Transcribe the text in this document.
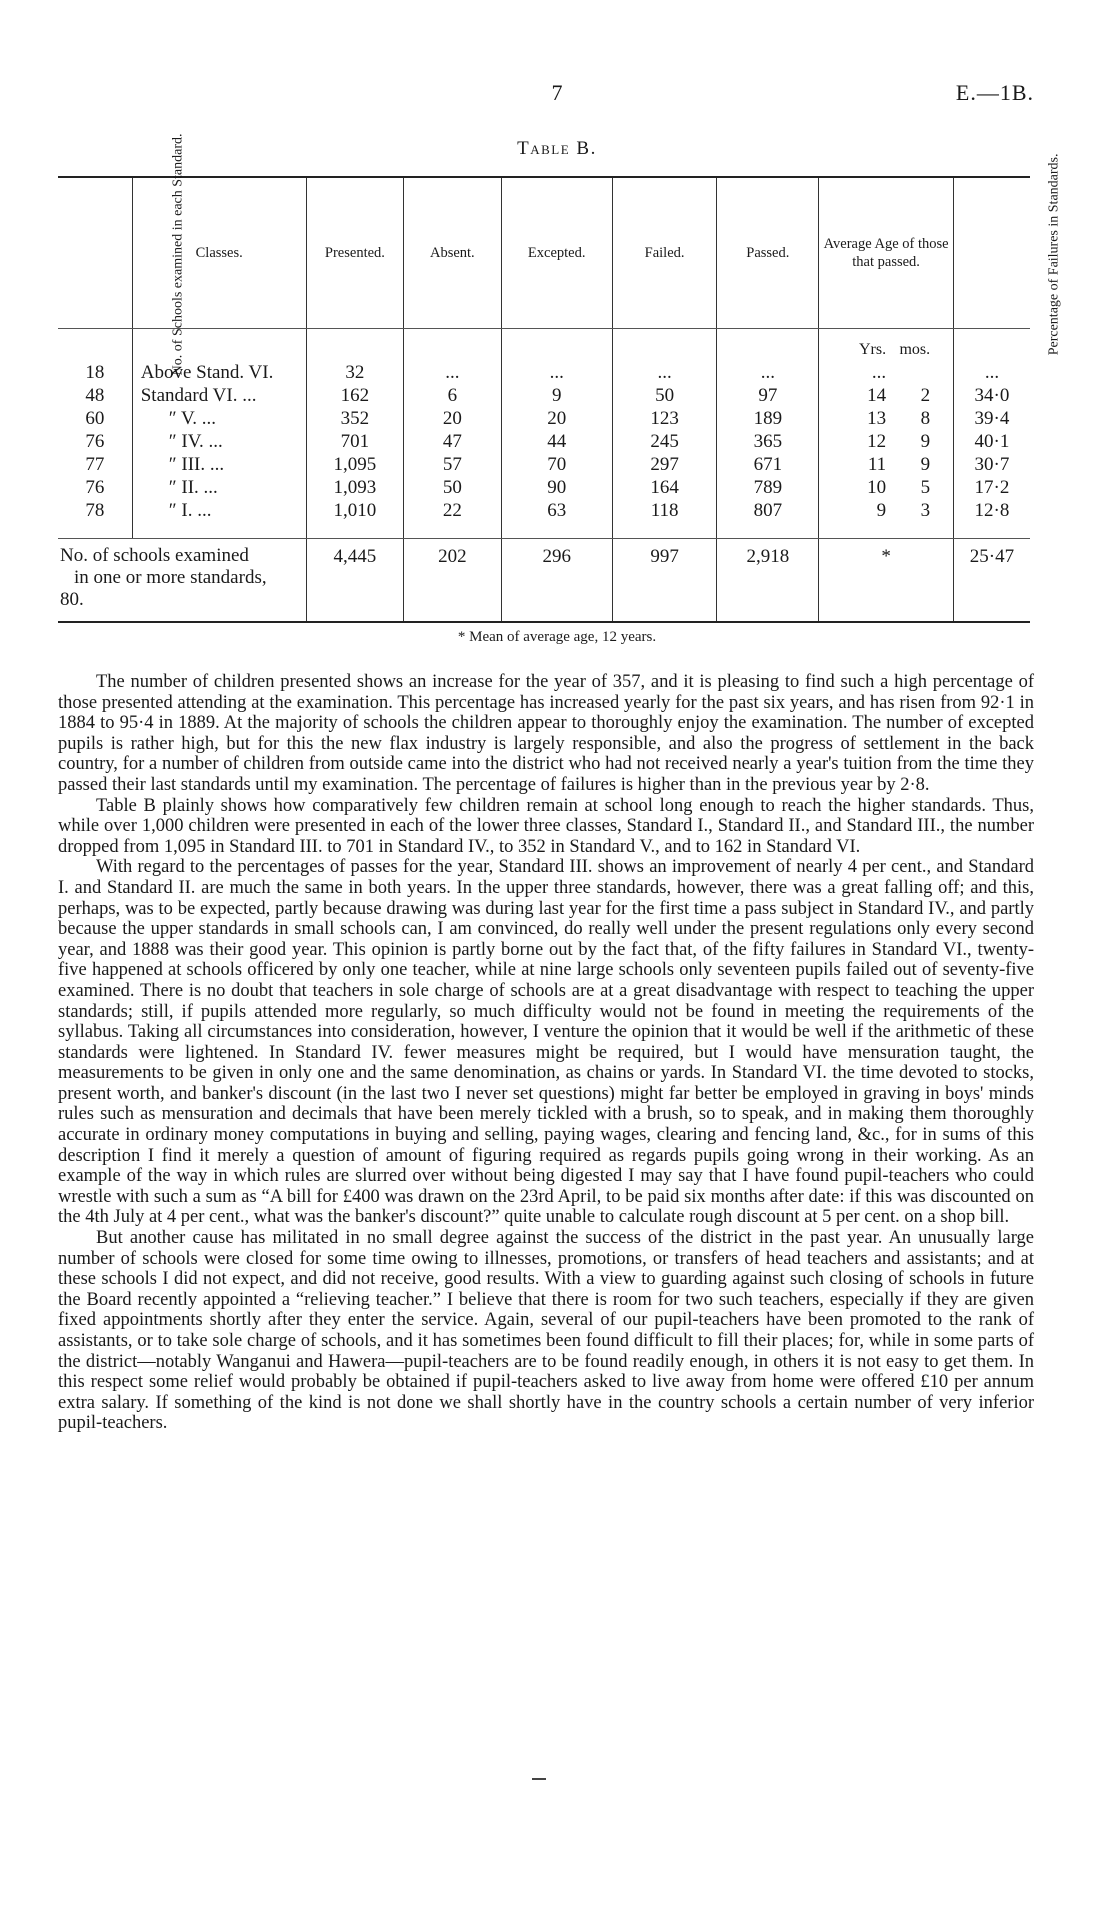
7	E.—1B.
Table B.
No. of Schools examined in each Standard.	Classes.	Presented.	Absent.	Excepted.	Failed.	Passed.	Average Age of those that passed.	Percentage of Failures in Standards.
							Yrs. mos.	
18	Above Stand. VI.	32	...	...	...	...	...	...
48	Standard VI. ...	162	6	9	50	97	14 2	34·0
60	″ V. ...	352	20	20	123	189	13 8	39·4
76	″ IV. ...	701	47	44	245	365	12 9	40·1
77	″ III. ...	1,095	57	70	297	671	11 9	30·7
76	″ II. ...	1,093	50	90	164	789	10 5	17·2
78	″ I. ...	1,010	22	63	118	807	9 3	12·8

No. of schools examined
in one or more standards,
80.		4,445	202	296	997	2,918	*	25·47
* Mean of average age, 12 years.

The number of children presented shows an increase for the year of 357, and it is pleasing to find such a high percentage of those presented attending at the examination. This percentage has increased yearly for the past six years, and has risen from 92·1 in 1884 to 95·4 in 1889. At the majority of schools the children appear to thoroughly enjoy the examination. The number of excepted pupils is rather high, but for this the new flax industry is largely responsible, and also the progress of settlement in the back country, for a number of children from outside came into the district who had not received nearly a year's tuition from the time they passed their last standards until my examination. The percentage of failures is higher than in the previous year by 2·8.

Table B plainly shows how comparatively few children remain at school long enough to reach the higher standards. Thus, while over 1,000 children were presented in each of the lower three classes, Standard I., Standard II., and Standard III., the number dropped from 1,095 in Standard III. to 701 in Standard IV., to 352 in Standard V., and to 162 in Standard VI.

With regard to the percentages of passes for the year, Standard III. shows an improvement of nearly 4 per cent., and Standard I. and Standard II. are much the same in both years. In the upper three standards, however, there was a great falling off; and this, perhaps, was to be expected, partly because drawing was during last year for the first time a pass subject in Standard IV., and partly because the upper standards in small schools can, I am convinced, do really well under the present regulations only every second year, and 1888 was their good year. This opinion is partly borne out by the fact that, of the fifty failures in Standard VI., twenty-five happened at schools officered by only one teacher, while at nine large schools only seventeen pupils failed out of seventy-five examined. There is no doubt that teachers in sole charge of schools are at a great disadvantage with respect to teaching the upper standards; still, if pupils attended more regularly, so much difficulty would not be found in meeting the requirements of the syllabus. Taking all circumstances into consideration, however, I venture the opinion that it would be well if the arithmetic of these standards were lightened. In Standard IV. fewer measures might be required, but I would have mensuration taught, the measurements to be given in only one and the same denomination, as chains or yards. In Standard VI. the time devoted to stocks, present worth, and banker's discount (in the last two I never set questions) might far better be employed in graving in boys' minds rules such as mensuration and decimals that have been merely tickled with a brush, so to speak, and in making them thoroughly accurate in ordinary money computations in buying and selling, paying wages, clearing and fencing land, &c., for in sums of this description I find it merely a question of amount of figuring required as regards pupils going wrong in their working. As an example of the way in which rules are slurred over without being digested I may say that I have found pupil-teachers who could wrestle with such a sum as “A bill for £400 was drawn on the 23rd April, to be paid six months after date: if this was discounted on the 4th July at 4 per cent., what was the banker's discount?” quite unable to calculate rough discount at 5 per cent. on a shop bill.

But another cause has militated in no small degree against the success of the district in the past year. An unusually large number of schools were closed for some time owing to illnesses, promotions, or transfers of head teachers and assistants; and at these schools I did not expect, and did not receive, good results. With a view to guarding against such closing of schools in future the Board recently appointed a “relieving teacher.” I believe that there is room for two such teachers, especially if they are given fixed appointments shortly after they enter the service. Again, several of our pupil-teachers have been promoted to the rank of assistants, or to take sole charge of schools, and it has sometimes been found difficult to fill their places; for, while in some parts of the district—notably Wanganui and Hawera—pupil-teachers are to be found readily enough, in others it is not easy to get them. In this respect some relief would probably be obtained if pupil-teachers asked to live away from home were offered £10 per annum extra salary. If something of the kind is not done we shall shortly have in the country schools a certain number of very inferior pupil-teachers.
